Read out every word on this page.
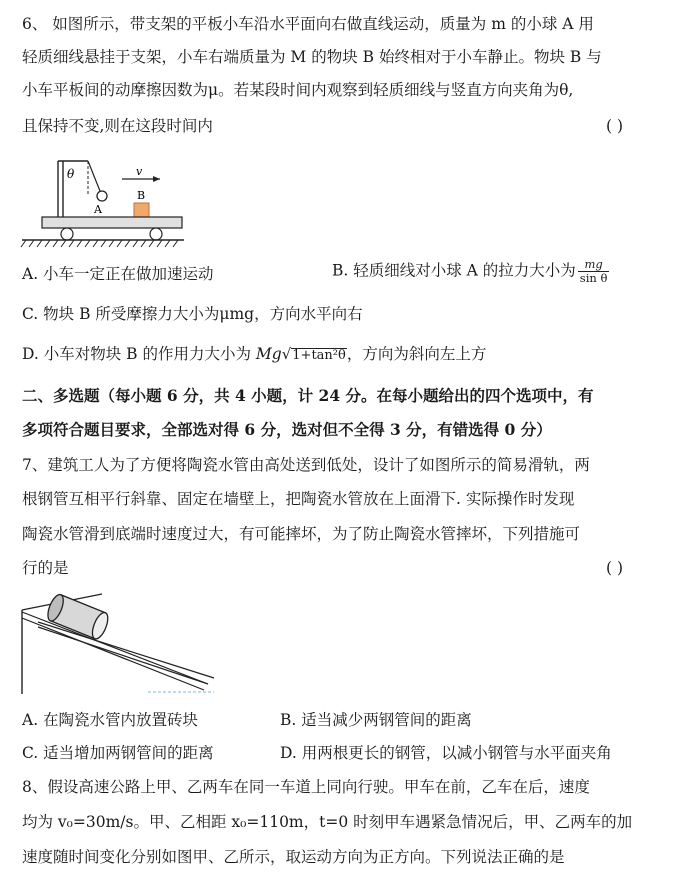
6、 如图所示，带支架的平板小车沿水平面向右做直线运动，质量为 m 的小球 A 用
轻质细线悬挂于支架，小车右端质量为 M 的物块 B 始终相对于小车静止。物块 B 与
小车平板间的动摩擦因数为μ。若某段时间内观察到轻质细线与竖直方向夹角为θ,
且保持不变,则在这段时间内	( )
θ
A
v
B
A. 小车一定正在做加速运动	B. 轻质细线对小球 A 的拉力大小为 $\frac{mg}{\text{sin θ}}$
C. 物块 B 所受摩擦力大小为μmg，方向水平向右
D. 小车对物块 B 的作用力大小为 Mg√1+tan²θ，方向为斜向左上方
二、多选题（每小题 6 分，共 4 小题，计 24 分。在每小题给出的四个选项中，有
多项符合题目要求，全部选对得 6 分，选对但不全得 3 分，有错选得 0 分）
7、建筑工人为了方便将陶瓷水管由高处送到低处，设计了如图所示的简易滑轨，两
根钢管互相平行斜靠、固定在墙壁上，把陶瓷水管放在上面滑下. 实际操作时发现
陶瓷水管滑到底端时速度过大，有可能摔坏，为了防止陶瓷水管摔坏，下列措施可
行的是	( )
A. 在陶瓷水管内放置砖块	B. 适当减少两钢管间的距离
C. 适当增加两钢管间的距离	D. 用两根更长的钢管，以减小钢管与水平面夹角
8、假设高速公路上甲、乙两车在同一车道上同向行驶。甲车在前，乙车在后，速度
均为 v₀=30m/s。甲、乙相距 x₀=110m，t=0 时刻甲车遇紧急情况后，甲、乙两车的加
速度随时间变化分别如图甲、乙所示，取运动方向为正方向。下列说法正确的是
